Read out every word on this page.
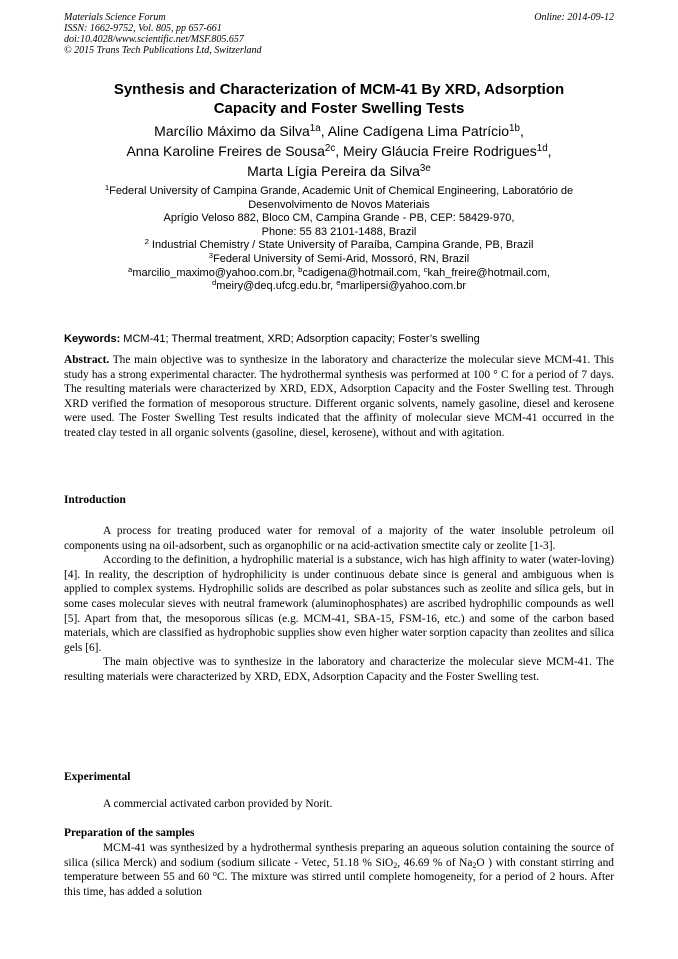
Materials Science Forum
ISSN: 1662-9752, Vol. 805, pp 657-661
doi:10.4028/www.scientific.net/MSF.805.657
© 2015 Trans Tech Publications Ltd, Switzerland
Online: 2014-09-12
Synthesis and Characterization of MCM-41 By XRD, Adsorption
Capacity and Foster Swelling Tests
Marcílio Máximo da Silva$^{1a}$, Aline Cadígena Lima Patrício$^{1b}$,
Anna Karoline Freires de Sousa$^{2c}$, Meiry Gláucia Freire Rodrigues$^{1d}$,
Marta Lígia Pereira da Silva$^{3e}$
$^1$Federal University of Campina Grande, Academic Unit of Chemical Engineering, Laboratório de
Desenvolvimento de Novos Materiais
Aprígio Veloso 882, Bloco CM, Campina Grande - PB, CEP: 58429-970,
Phone: 55 83 2101-1488, Brazil
$^2$ Industrial Chemistry / State University of Paraíba, Campina Grande, PB, Brazil
$^3$Federal University of Semi-Arid, Mossoró, RN, Brazil
$^a$marcilio_maximo@yahoo.com.br, $^b$cadigena@hotmail.com, $^c$kah_freire@hotmail.com,
$^d$meiry@deq.ufcg.edu.br, $^e$marlipersi@yahoo.com.br
Keywords: MCM-41; Thermal treatment, XRD; Adsorption capacity; Foster’s swelling
Abstract. The main objective was to synthesize in the laboratory and characterize the molecular sieve MCM-41. This study has a strong experimental character. The hydrothermal synthesis was performed at 100 ° C for a period of 7 days. The resulting materials were characterized by XRD, EDX, Adsorption Capacity and the Foster Swelling test. Through XRD verified the formation of mesoporous structure. Different organic solvents, namely gasoline, diesel and kerosene were used. The Foster Swelling Test results indicated that the affinity of molecular sieve MCM-41 occurred in the treated clay tested in all organic solvents (gasoline, diesel, kerosene), without and with agitation.
Introduction

A process for treating produced water for removal of a majority of the water insoluble petroleum oil components using na oil-adsorbent, such as organophilic or na acid-activation smectite caly or zeolite [1-3].

According to the definition, a hydrophilic material is a substance, wich has high affinity to water (water-loving) [4]. In reality, the description of hydrophilicity is under continuous debate since is general and ambiguous when is applied to complex systems. Hydrophilic solids are described as polar substances such as zeolite and sílica gels, but in some cases molecular sieves with neutral framework (aluminophosphates) are ascribed hydrophilic compounds as well [5]. Apart from that, the mesoporous sílicas (e.g. MCM-41, SBA-15, FSM-16, etc.) and some of the carbon based materials, which are classified as hydrophobic supplies show even higher water sorption capacity than zeolites and sílica gels [6].

The main objective was to synthesize in the laboratory and characterize the molecular sieve MCM-41. The resulting materials were characterized by XRD, EDX, Adsorption Capacity and the Foster Swelling test.

Experimental

A commercial activated carbon provided by Norit.

Preparation of the samples

MCM-41 was synthesized by a hydrothermal synthesis preparing an aqueous solution containing the source of silica (silica Merck) and sodium (sodium silicate - Vetec, 51.18 % SiO$_2$, 46.69 % of $Na_2O$ ) with constant stirring and temperature between 55 and 60 $^o$C. The mixture was stirred until complete homogeneity, for a period of 2 hours. After this time, has added a solution
